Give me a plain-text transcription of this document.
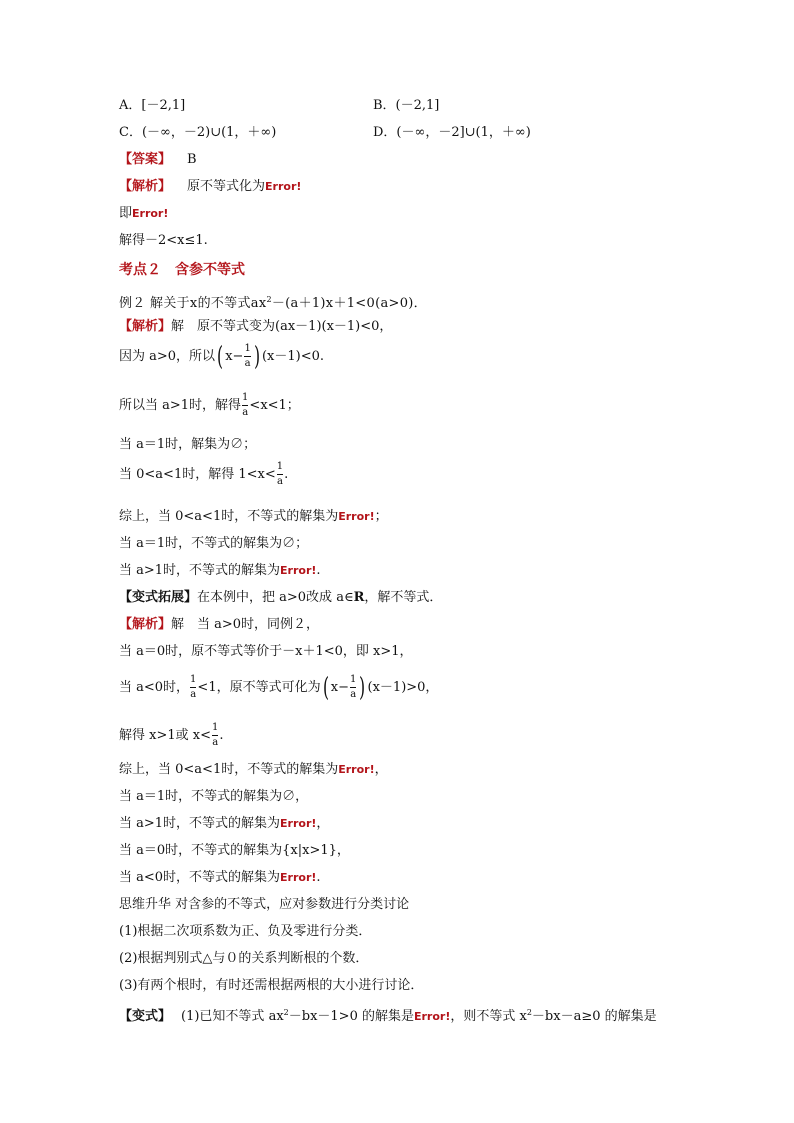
A．[－2,1]	B．(－2,1]
C．(－∞，－2)∪(1，＋∞)	D．(－∞，－2]∪(1，＋∞)
【答案】 B
【解析】 原不等式化为Error!
即Error!
解得－2<x≤1.
考点２　含参不等式
例２ 解关于x的不等式$ax^2-(a+1)x+1<0(a>0)$．
【解析】解　原不等式变为(ax－1)(x－1)<0，
因为 a>0，所以( $x- \frac{1}{a}$ ) (x－1)<0.
所以当 a>1时，解得 $\frac{1}{a} <x<1$；
当 a＝1时，解集为∅；
当 0<a<1时，解得 $1<x< \frac{1}{a}$ .
综上，当 0<a<1时，不等式的解集为Error!；
当 a＝1时，不等式的解集为∅；
当 a>1时，不等式的解集为Error!.
【变式拓展】在本例中，把 a>0改成 a∈R，解不等式．
【解析】解　当 a>0时，同例２，
当 a＝0时，原不等式等价于－x＋1<0，即 x>1，
当 a<0时， $\frac{1}{a} <1$，原不等式可化为( $x- \frac{1}{a}$ ) (x－1)>0，
解得 x>1或 $x< \frac{1}{a}$ .
综上，当 0<a<1时，不等式的解集为Error!，
当 a＝1时，不等式的解集为∅，
当 a>1时，不等式的解集为Error!，
当 a＝0时，不等式的解集为{x|x>1}，
当 a<0时，不等式的解集为Error!.
思维升华 对含参的不等式，应对参数进行分类讨论
(1)根据二次项系数为正、负及零进行分类．
(2)根据判别式△与０的关系判断根的个数．
(3)有两个根时，有时还需根据两根的大小进行讨论．
【变式】 (1)已知不等式 $ax^2-bx-1>0$ 的解集是Error!，则不等式 $x^2-bx-a\ge 0$ 的解集是
